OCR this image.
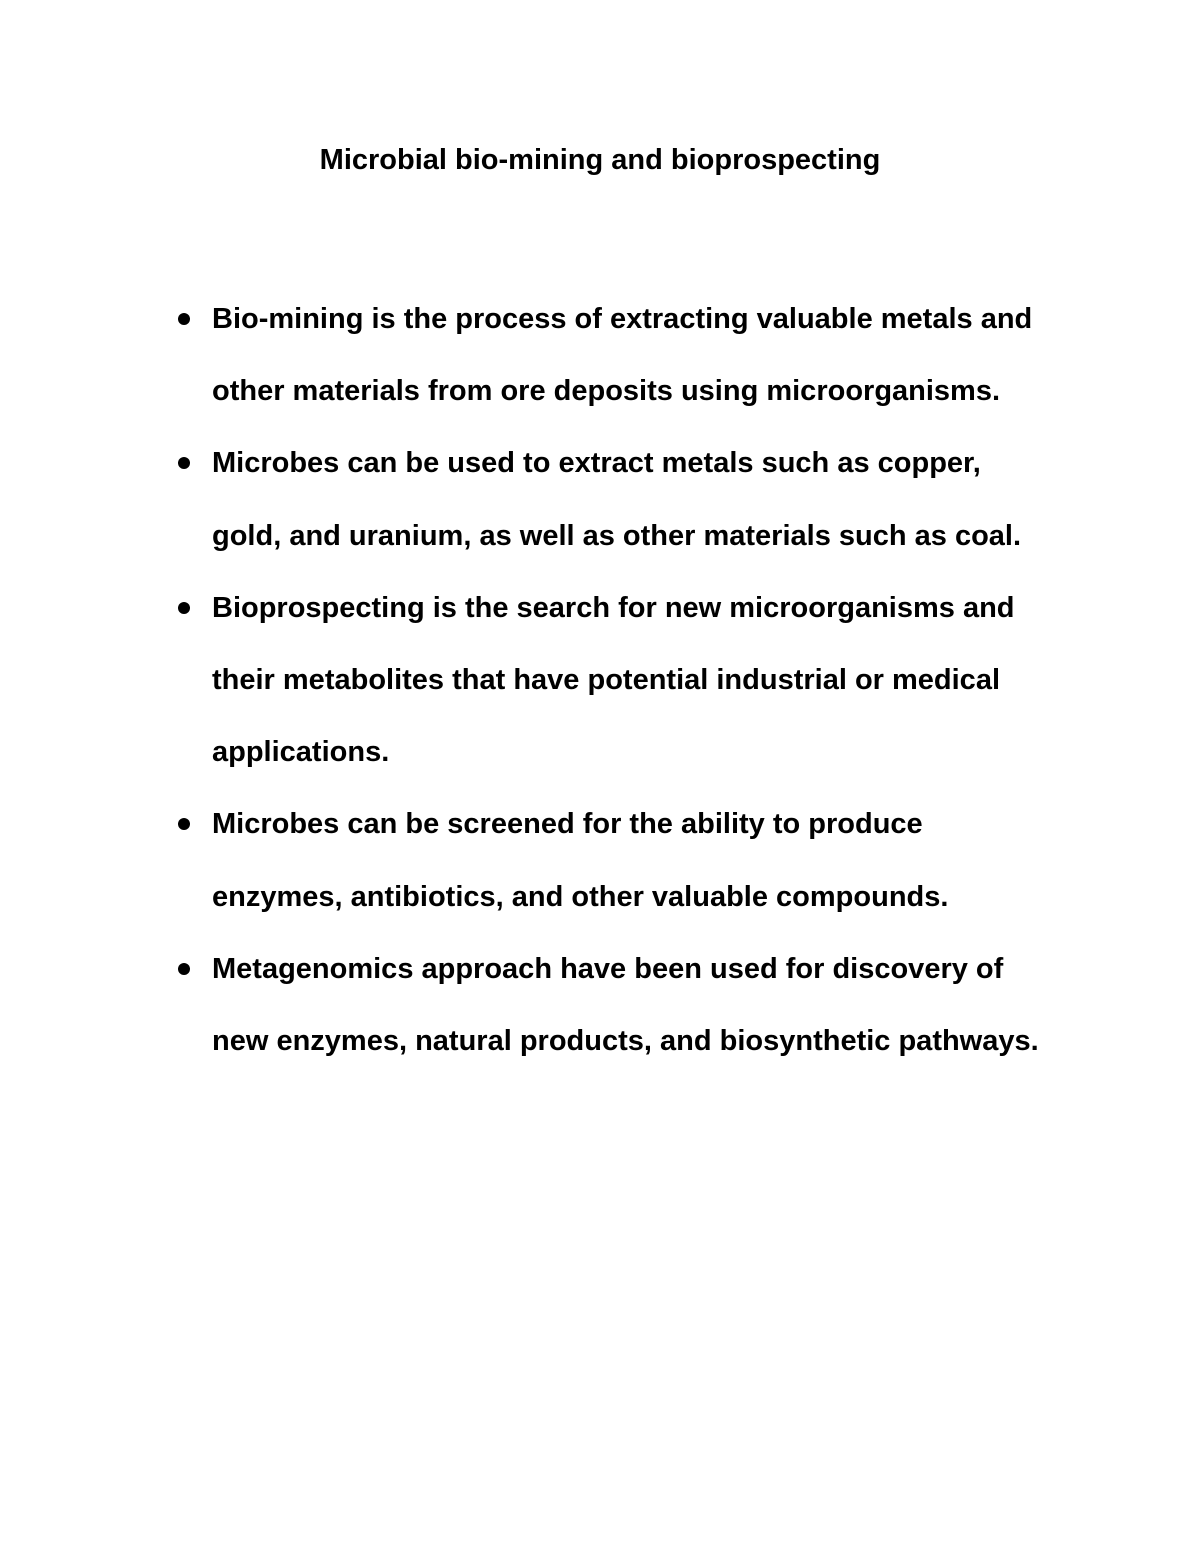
Microbial bio-mining and bioprospecting
Bio-mining is the process of extracting valuable metals and other materials from ore deposits using microorganisms.
Microbes can be used to extract metals such as copper, gold, and uranium, as well as other materials such as coal.
Bioprospecting is the search for new microorganisms and their metabolites that have potential industrial or medical applications.
Microbes can be screened for the ability to produce enzymes, antibiotics, and other valuable compounds.
Metagenomics approach have been used for discovery of new enzymes, natural products, and biosynthetic pathways.
